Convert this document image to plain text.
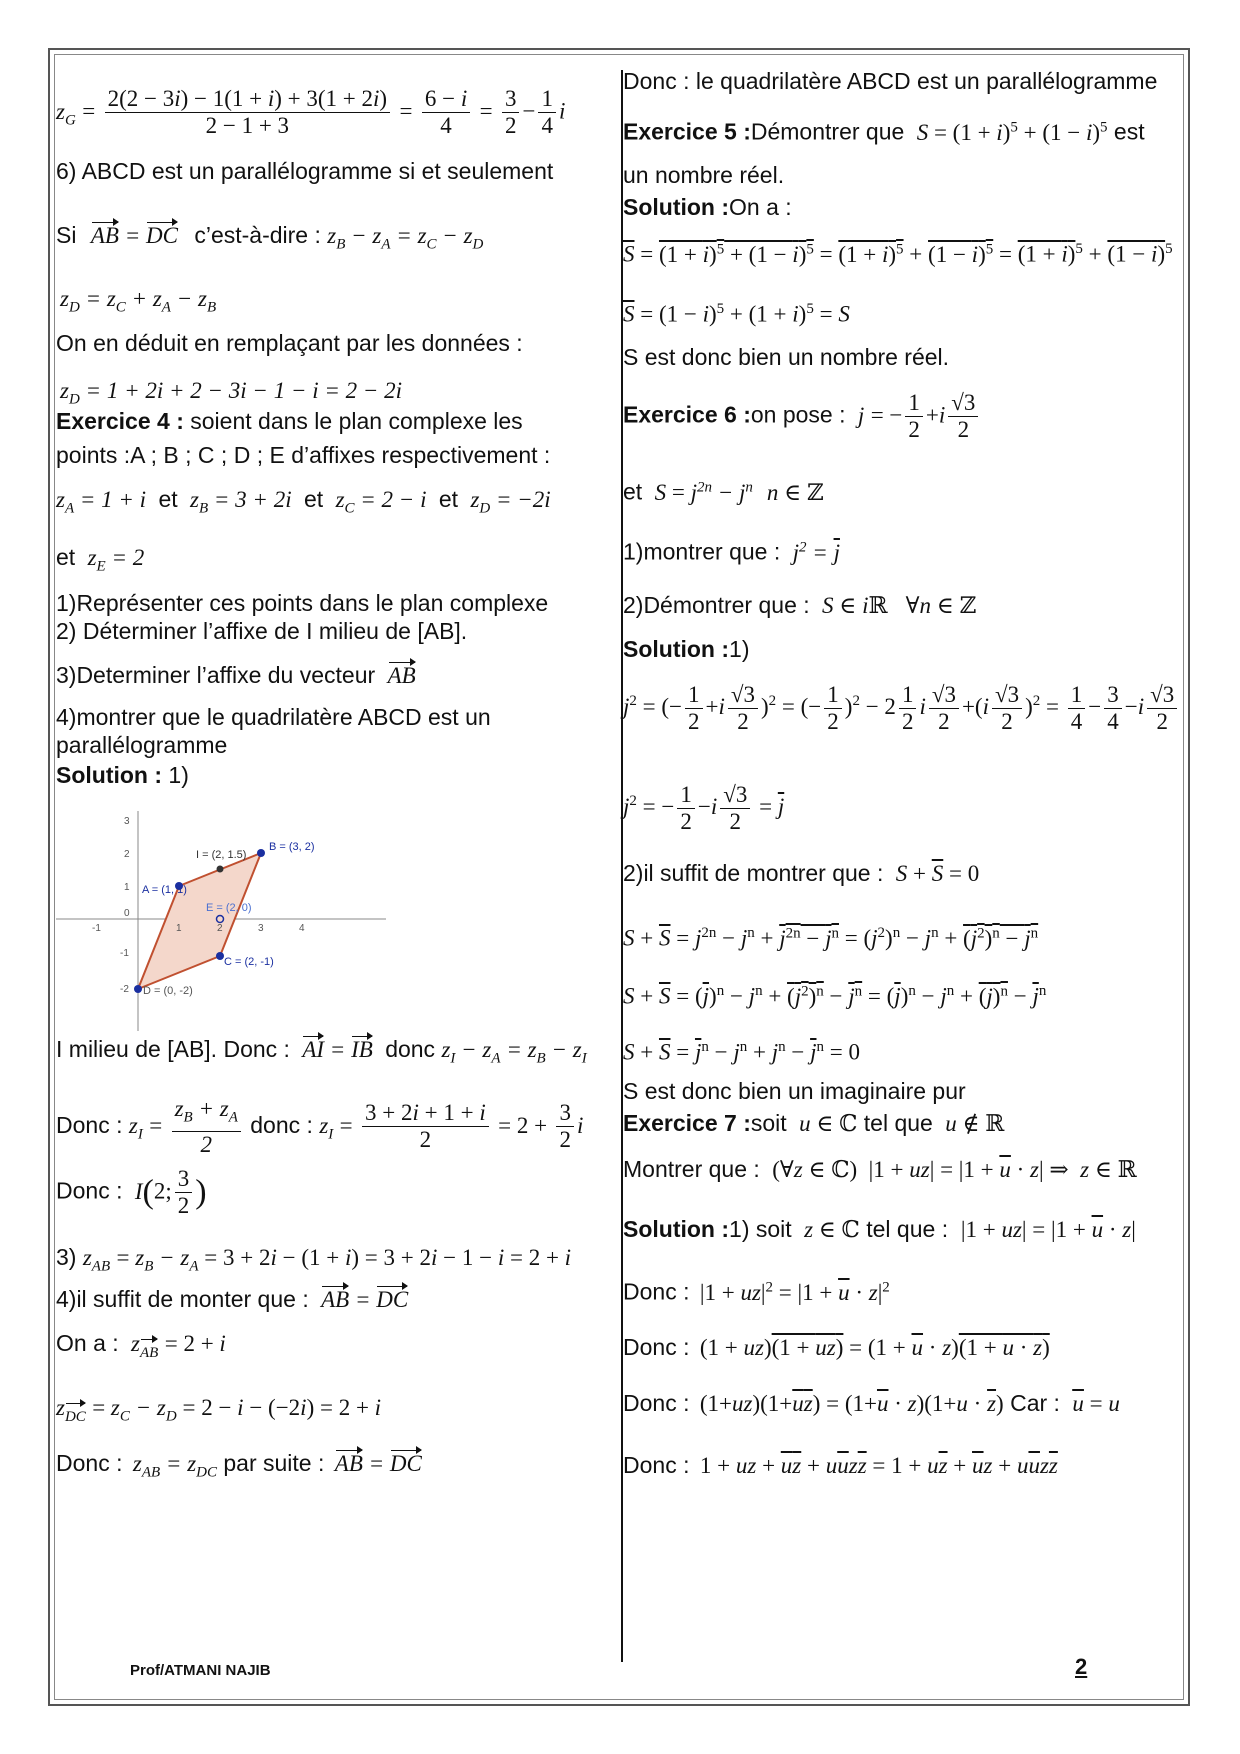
$z_G = \frac{2(2 - 3i) - 1(1 + i) + 3(1 + 2i)}{2 - 1 + 3} = \frac{6 - i}{4} = \frac{3}{2} - \frac{1}{4}$ i
6) ABCD est un parallélogramme si et seulement
Si AB = DC c’est-à-dire : $z_B - z_A = z_C - z_D$
$z_D = z_C + z_A - z_B$
On en déduit en remplaçant par les données :
$z_D = 1 + 2i + 2 - 3i - 1 - i = 2 - 2i$
Exercice 4 : soient dans le plan complexe les
points :A ; B ; C ; D ; E d’affixes respectivement :
$z_A = 1 + i$ et $z_B = 3 + 2i$ et $z_C = 2 - i$ et $z_D = -2i$
et $z_E = 2$
1)Représenter ces points dans le plan complexe
2) Déterminer l’affixe de I milieu de [AB].
3)Determiner l’affixe du vecteur AB
4)montrer que le quadrilatère ABCD est un
parallélogramme
Solution : 1)
-1
0
1	2	3	4
3
2
1
-1
-2
A = (1, 1)
B = (3, 2)
C = (2, -1)
D = (0, -2)
E = (2, 0)
I = (2, 1.5)
I milieu de [AB]. Donc : AI = IB donc $z_I - z_A = z_B - z_I$
Donc : $z_I = \frac{z_B + z_A}{2}$ donc : $z_I = \frac{3 + 2i + 1 + i}{2} = 2 + \frac{3}{2}$ i
Donc : I(2; $\frac{3}{2}$ )
3) $z_{AB} = z_B - z_A = 3 + 2i - (1 + i) = 3 + 2i - 1 - i = 2 + i$
4)il suffit de monter que : AB = DC
On a : $z_{AB} = 2 + i$
$z_{DC} = z_C - z_D = 2 - i - (-2i) = 2 + i$
Donc : $z_{AB} = z_{DC}$ par suite : AB = DC
Donc : le quadrilatère ABCD est un parallélogramme
Exercice 5 :Démontrer que $S = (1 + i)^5 + (1 - i)^5$ est
un nombre réel.
Solution :On a :
$\overline{S} = (1 + i)^5 + (1 - i)^5 = (1 + i)^5 + (1 - i)^5 = (1 + i)^5 + (1 - i)^5$
$\overline{S} = (1 - i)^5 + (1 + i)^5 = S$
S est donc bien un nombre réel.
Exercice 6 :on pose : j = − $\frac{1}{2} +i \frac{√3}{2}$
et $S = j^{2n} - j^n$ n ∈ ℤ
1)montrer que : $j^2 = \overline{j}$
2)Démontrer que : S ∈ iℝ ∀n ∈ ℤ
Solution :1)
$j^2$ = (− $\frac{1}{2} +i \frac{√3}{2} )^2$ = (− $\frac{1}{2} )^2 - 2 \frac{1}{2}$ i $\frac{√3}{2} +(i \frac{√3}{2} )^2 = \frac{1}{4} - \frac{3}{4} -i \frac{√3}{2}$
$j^2$ = − $\frac{1}{2} -i \frac{√3}{2} = \overline{j}$
2)il suffit de montrer que : $S + \overline{S} = 0$
$S + \overline{S} = j^{2n} - j^n + j^{2n} - j^n = (j^2)^n - j^n + (j^2)^n - j^n$
$S + \overline{S} = (\overline{j})^n - j^n + (j^2)^n - j^n = (\overline{j})^n - j^n + (j)^n - \overline{j}^n$
$S + \overline{S} = \overline{j}^n - j^n + j^n - \overline{j}^n = 0$
S est donc bien un imaginaire pur
Exercice 7 :soit u ∈ ℂ tel que u ∉ ℝ
Montrer que : (∀z ∈ ℂ)  $|1 + uz| = |1 + \overline{u} \cdot z|$ ⇒  z ∈ ℝ
Solution :1) soit z ∈ ℂ tel que :  $|1 + uz| = |1 + \overline{u} \cdot z|$
Donc : $|1 + uz|^2 = |1 + \overline{u} \cdot z|^2$
Donc : $(1 + uz)(1 + uz) = (1 + \overline{u} \cdot z)(1 + u \cdot z)$
Donc : $(1+uz)(1+\overline{u}\overline{z}) = (1+\overline{u} \cdot z)(1+u \cdot \overline{z})$ Car : u = u
Donc : 1 + uz + $\overline{u}\overline{z} + u\overline{u}z\overline{z} = 1 + u\overline{z} + \overline{u}z + u\overline{u}z\overline{z}$
Prof/ATMANI NAJIB	2
